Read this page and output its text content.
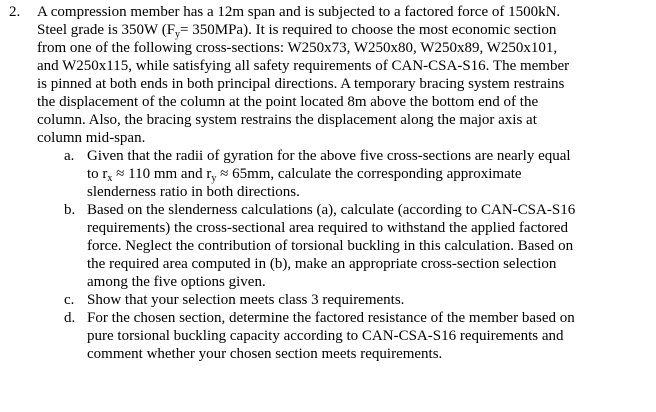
2. A compression member has a 12m span and is subjected to a factored force of 1500kN.
Steel grade is 350W $(F_y= 350MPa)$. It is required to choose the most economic section
from one of the following cross-sections: W250x73, W250x80, W250x89, W250x101,
and W250x115, while satisfying all safety requirements of CAN-CSA-S16. The member
is pinned at both ends in both principal directions. A temporary bracing system restrains
the displacement of the column at the point located 8m above the bottom end of the
column. Also, the bracing system restrains the displacement along the major axis at
column mid-span.
a. Given that the radii of gyration for the above five cross-sections are nearly equal
to $r_x \approx 110$ mm and $r_y \approx 65mm$, calculate the corresponding approximate
slenderness ratio in both directions.
b. Based on the slenderness calculations (a), calculate (according to CAN-CSA-S16
requirements) the cross-sectional area required to withstand the applied factored
force. Neglect the contribution of torsional buckling in this calculation. Based on
the required area computed in (b), make an appropriate cross-section selection
among the five options given.
c. Show that your selection meets class 3 requirements.
d. For the chosen section, determine the factored resistance of the member based on
pure torsional buckling capacity according to CAN-CSA-S16 requirements and
comment whether your chosen section meets requirements.
